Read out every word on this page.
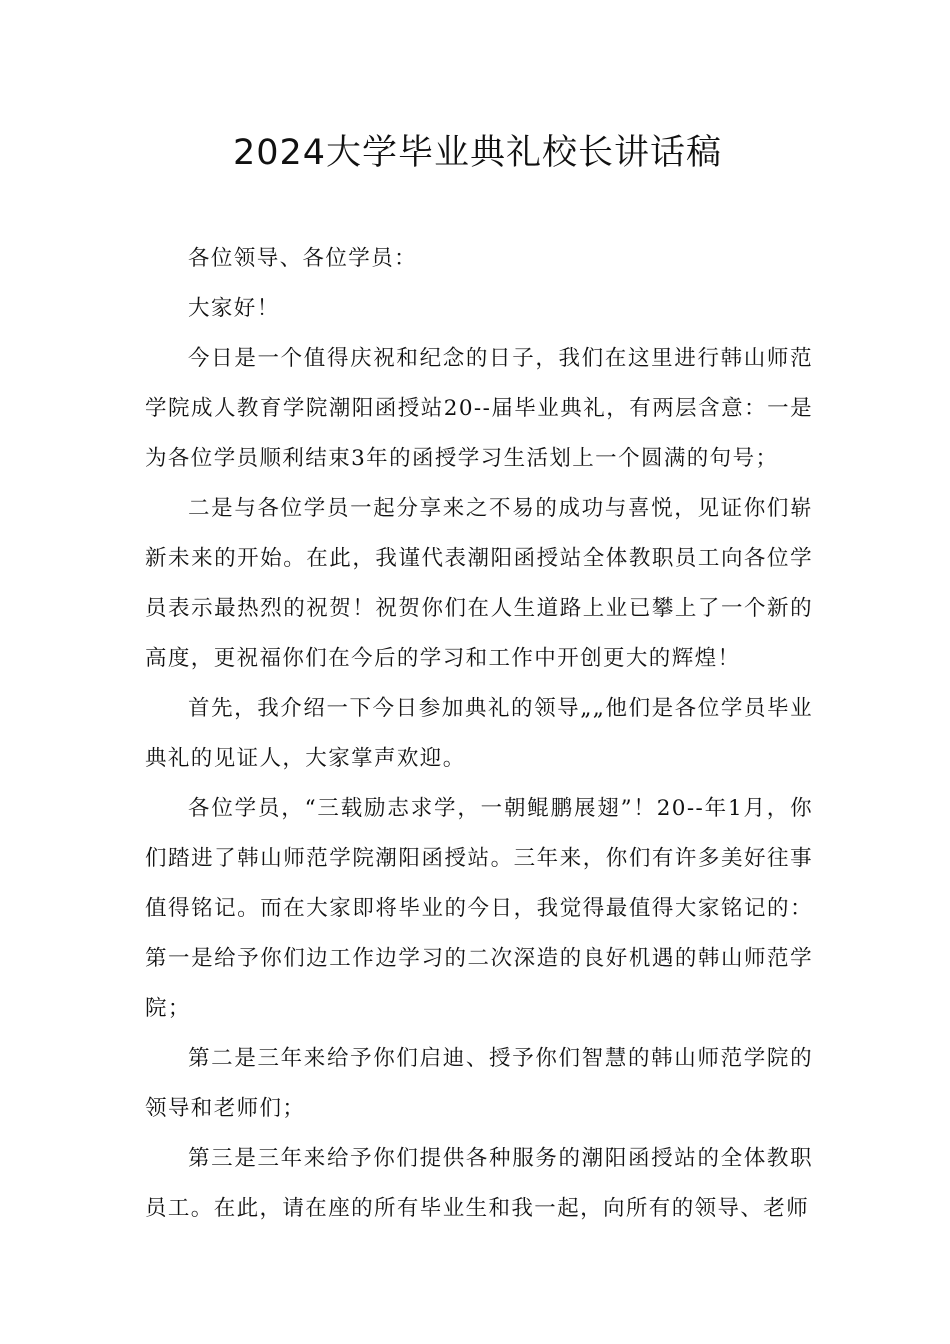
2024大学毕业典礼校长讲话稿

各位领导、各位学员：

大家好！

今日是一个值得庆祝和纪念的日子，我们在这里进行韩山师范学院成人教育学院潮阳函授站20--届毕业典礼，有两层含意：一是为各位学员顺利结束3年的函授学习生活划上一个圆满的句号；

二是与各位学员一起分享来之不易的成功与喜悦，见证你们崭新未来的开始。在此，我谨代表潮阳函授站全体教职员工向各位学员表示最热烈的祝贺！祝贺你们在人生道路上业已攀上了一个新的高度，更祝福你们在今后的学习和工作中开创更大的辉煌！

首先，我介绍一下今日参加典礼的领导„„他们是各位学员毕业典礼的见证人，大家掌声欢迎。

各位学员，“三载励志求学，一朝鲲鹏展翅”！20--年1月，你们踏进了韩山师范学院潮阳函授站。三年来，你们有许多美好往事值得铭记。而在大家即将毕业的今日，我觉得最值得大家铭记的：第一是给予你们边工作边学习的二次深造的良好机遇的韩山师范学院；

第二是三年来给予你们启迪、授予你们智慧的韩山师范学院的领导和老师们；

第三是三年来给予你们提供各种服务的潮阳函授站的全体教职员工。在此，请在座的所有毕业生和我一起，向所有的领导、老师
